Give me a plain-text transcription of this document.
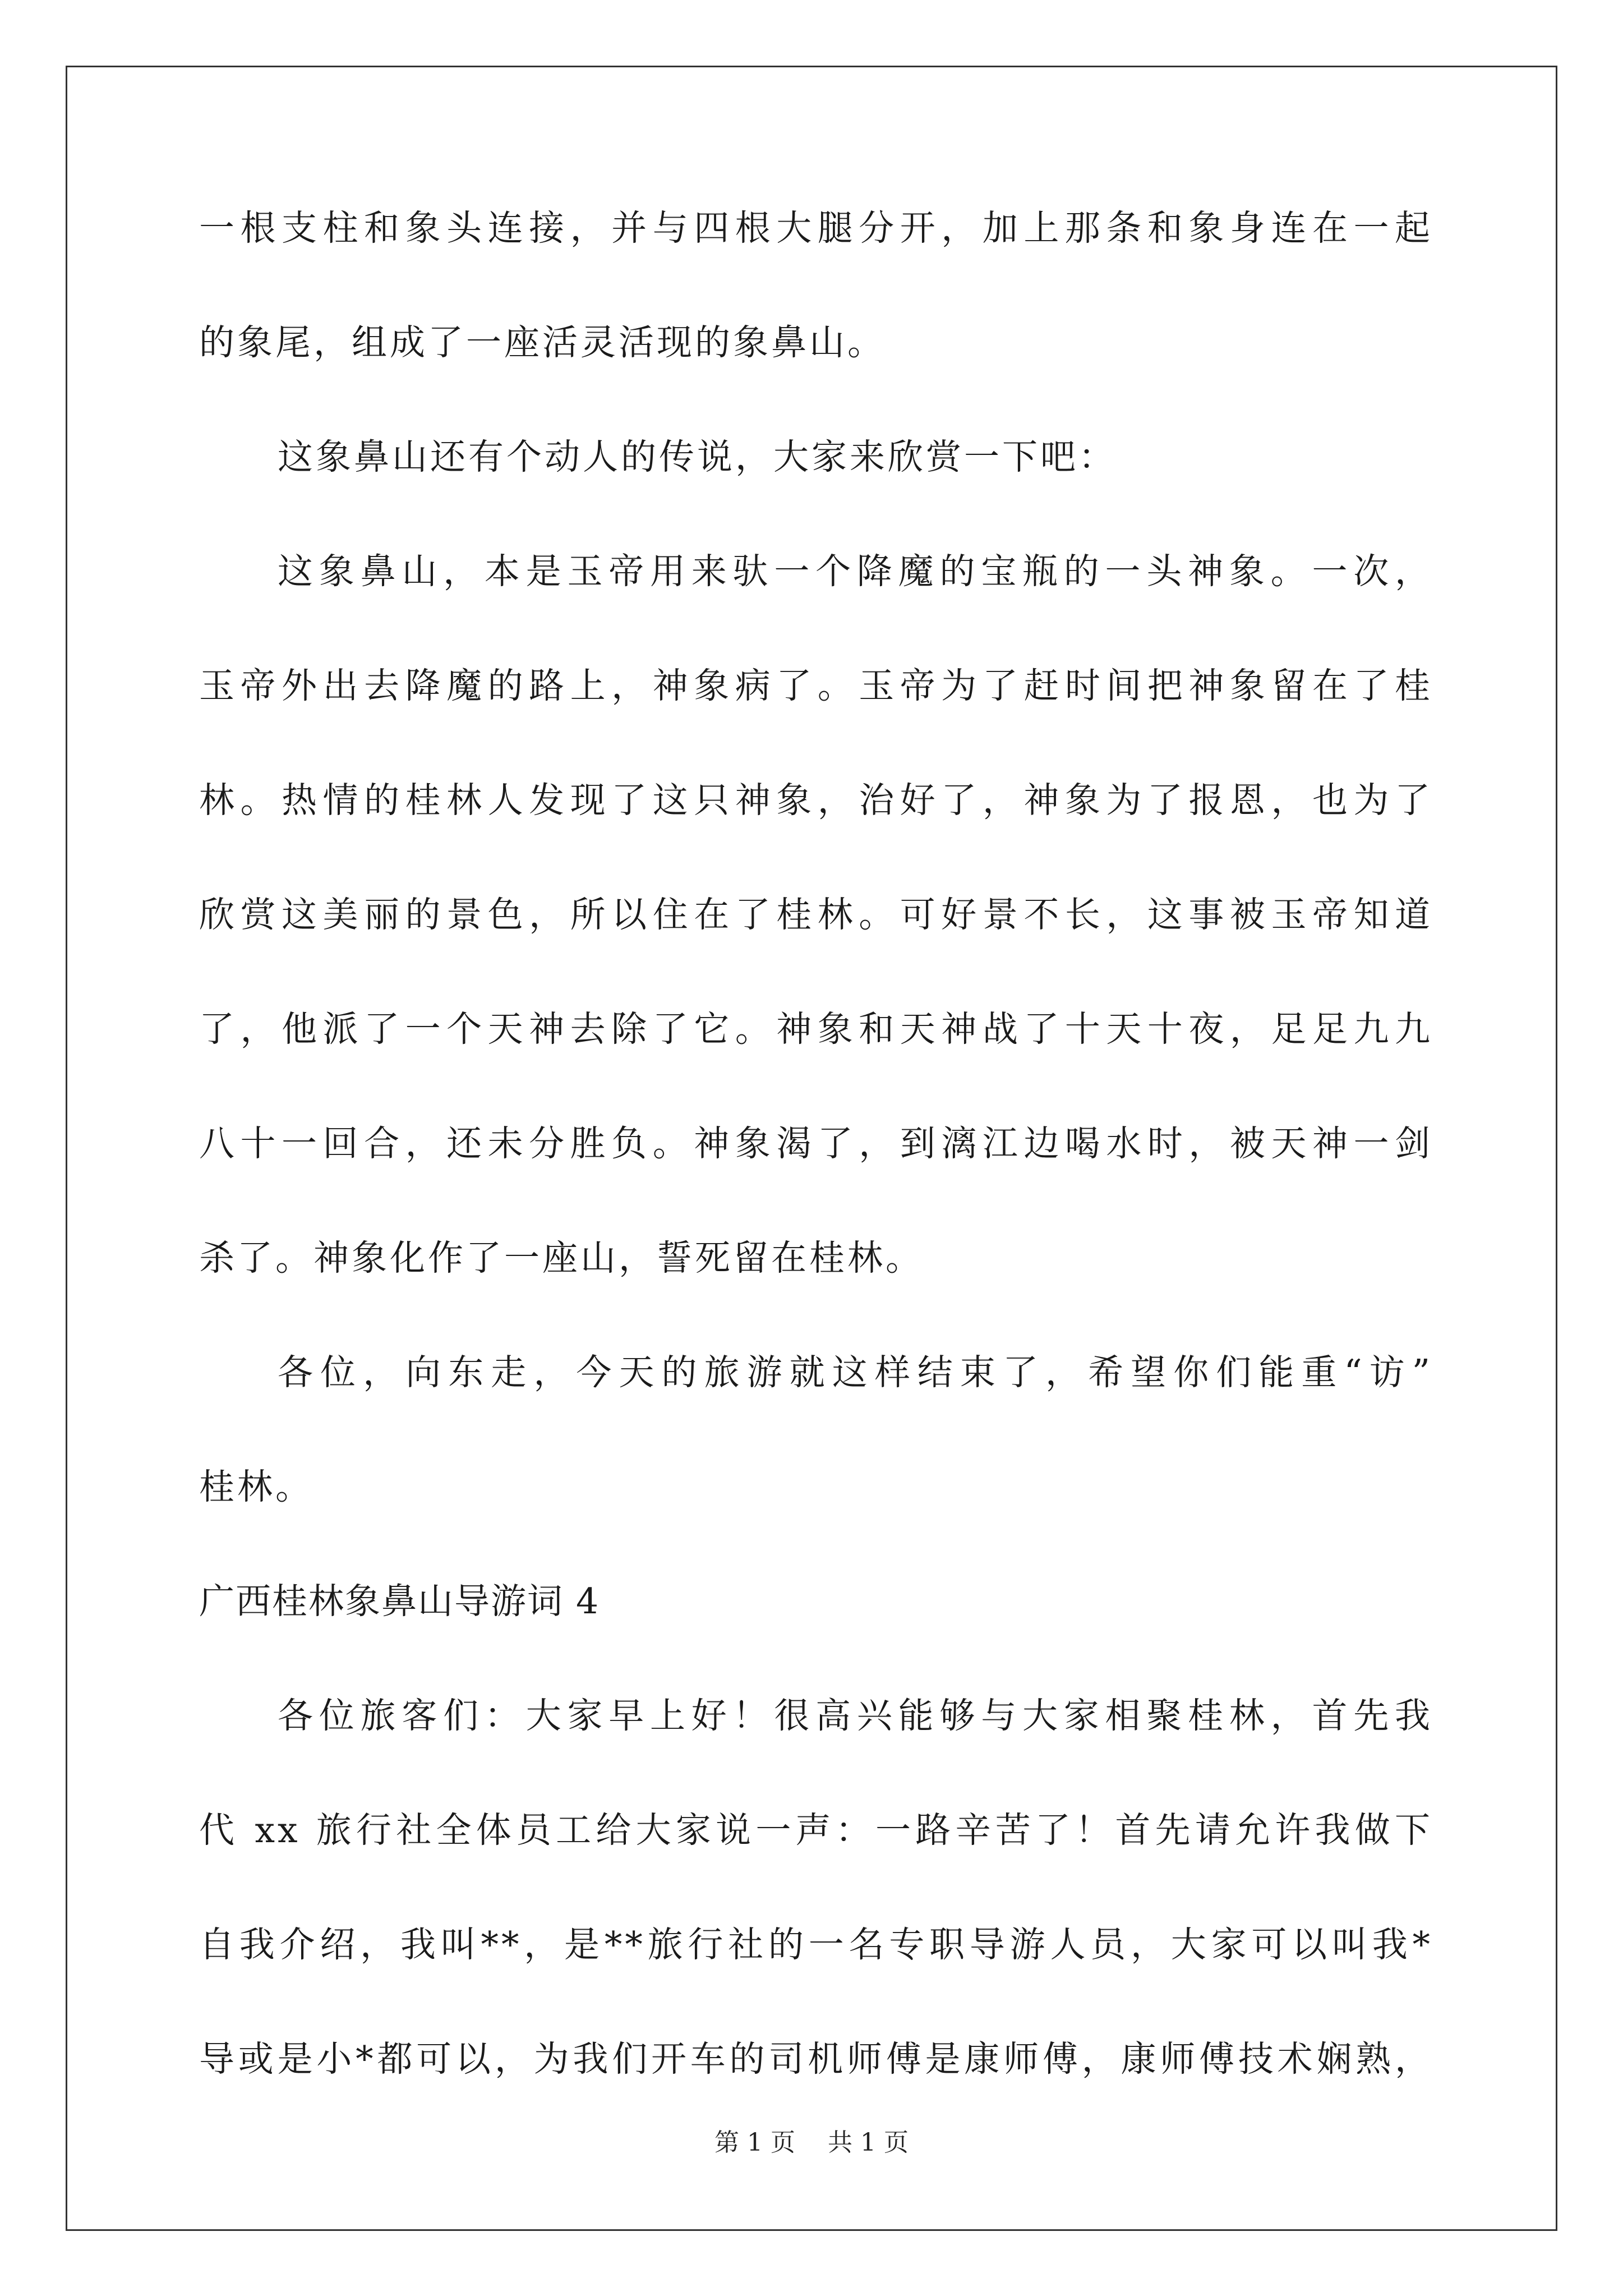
一根支柱和象头连接，并与四根大腿分开，加上那条和象身连在一起
的象尾，组成了一座活灵活现的象鼻山。
这象鼻山还有个动人的传说，大家来欣赏一下吧：
这象鼻山，本是玉帝用来驮一个降魔的宝瓶的一头神象。一次，
玉帝外出去降魔的路上，神象病了。玉帝为了赶时间把神象留在了桂
林。热情的桂林人发现了这只神象，治好了，神象为了报恩，也为了
欣赏这美丽的景色，所以住在了桂林。可好景不长，这事被玉帝知道
了，他派了一个天神去除了它。神象和天神战了十天十夜，足足九九
八十一回合，还未分胜负。神象渴了，到漓江边喝水时，被天神一剑
杀了。神象化作了一座山，誓死留在桂林。
各位，向东走，今天的旅游就这样结束了，希望你们能重“访”
桂林。
广西桂林象鼻山导游词 4
各位旅客们：大家早上好！很高兴能够与大家相聚桂林，首先我
代 xx 旅行社全体员工给大家说一声：一路辛苦了！首先请允许我做下
自我介绍，我叫**，是**旅行社的一名专职导游人员，大家可以叫我*
导或是小*都可以，为我们开车的司机师傅是康师傅，康师傅技术娴熟，
第 1 页 共 1 页
